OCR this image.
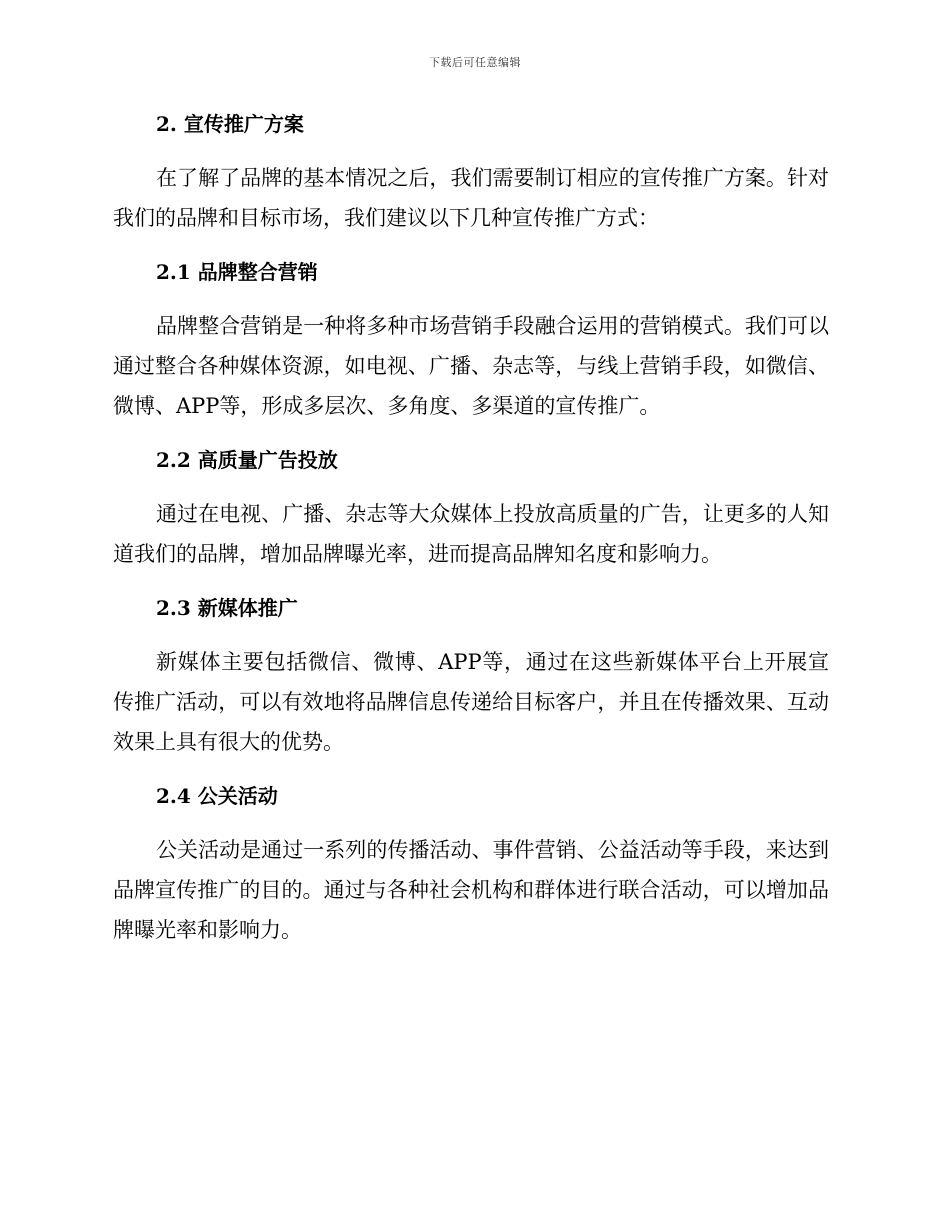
下载后可任意编辑
2. 宣传推广方案

在了解了品牌的基本情况之后，我们需要制订相应的宣传推广方案。针对我们的品牌和目标市场，我们建议以下几种宣传推广方式：

2.1 品牌整合营销

品牌整合营销是一种将多种市场营销手段融合运用的营销模式。我们可以通过整合各种媒体资源，如电视、广播、杂志等，与线上营销手段，如微信、微博、APP等，形成多层次、多角度、多渠道的宣传推广。

2.2 高质量广告投放

通过在电视、广播、杂志等大众媒体上投放高质量的广告，让更多的人知道我们的品牌，增加品牌曝光率，进而提高品牌知名度和影响力。

2.3 新媒体推广

新媒体主要包括微信、微博、APP等，通过在这些新媒体平台上开展宣传推广活动，可以有效地将品牌信息传递给目标客户，并且在传播效果、互动效果上具有很大的优势。

2.4 公关活动

公关活动是通过一系列的传播活动、事件营销、公益活动等手段，来达到品牌宣传推广的目的。通过与各种社会机构和群体进行联合活动，可以增加品牌曝光率和影响力。
